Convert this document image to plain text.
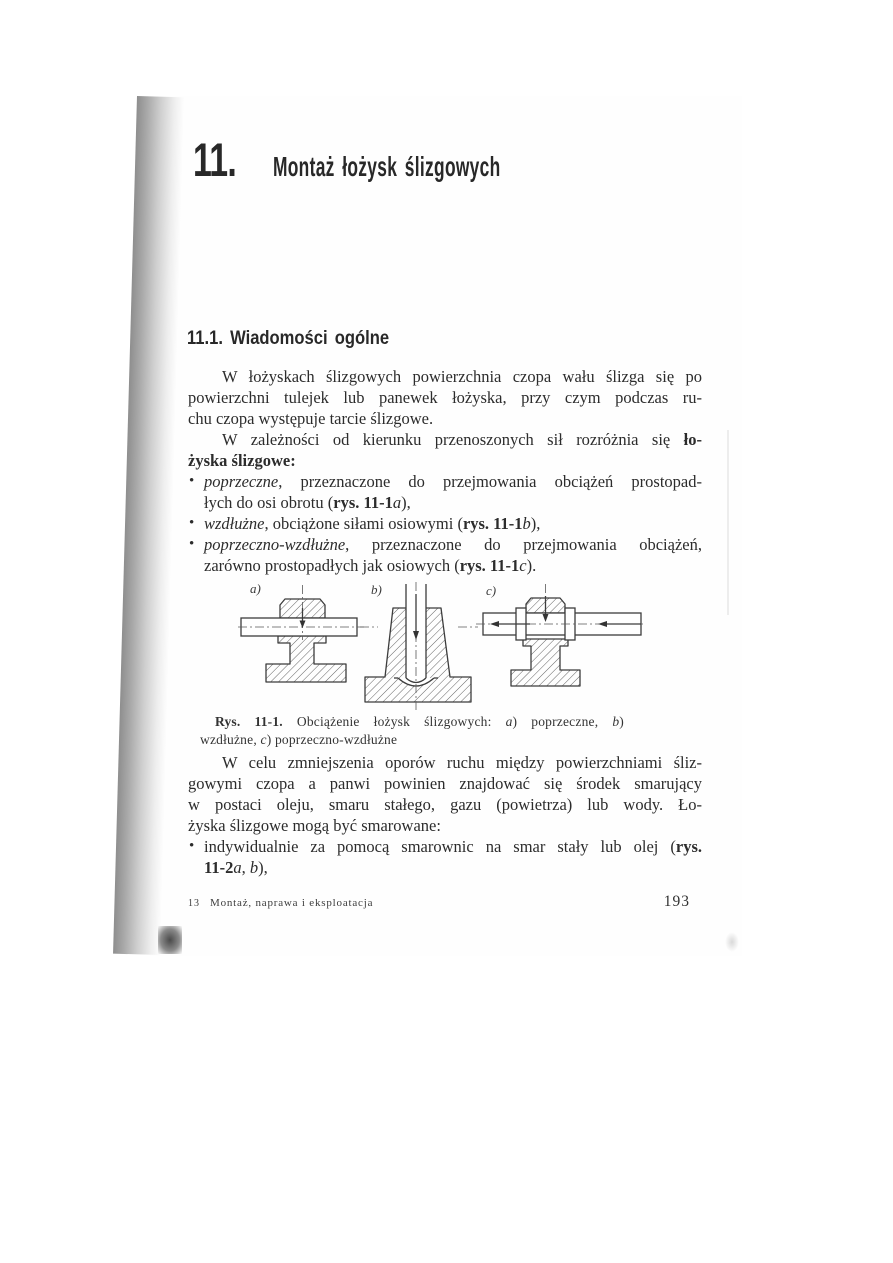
11. Montaż łożysk ślizgowych
11.1. Wiadomości ogólne
W łożyskach ślizgowych powierzchnia czopa wału ślizga się po
powierzchni tulejek lub panewek łożyska, przy czym podczas ru-
chu czopa występuje tarcie ślizgowe.
W zależności od kierunku przenoszonych sił rozróżnia się ło-
żyska ślizgowe:
• poprzeczne, przeznaczone do przejmowania obciążeń prostopad-
łych do osi obrotu (rys. 11-1a),
• wzdłużne, obciążone siłami osiowymi (rys. 11-1b),
• poprzeczno-wzdłużne, przeznaczone do przejmowania obciążeń,
zarówno prostopadłych jak osiowych (rys. 11-1c).
a)	b)	c)
Rys. 11-1. Obciążenie łożysk ślizgowych: a) poprzeczne, b)
wzdłużne, c) poprzeczno-wzdłużne
W celu zmniejszenia oporów ruchu między powierzchniami śliz-
gowymi czopa a panwi powinien znajdować się środek smarujący
w postaci oleju, smaru stałego, gazu (powietrza) lub wody. Ło-
żyska ślizgowe mogą być smarowane:
• indywidualnie za pomocą smarownic na smar stały lub olej (rys.
11-2a, b),
13 Montaż, naprawa i eksploatacja	193
